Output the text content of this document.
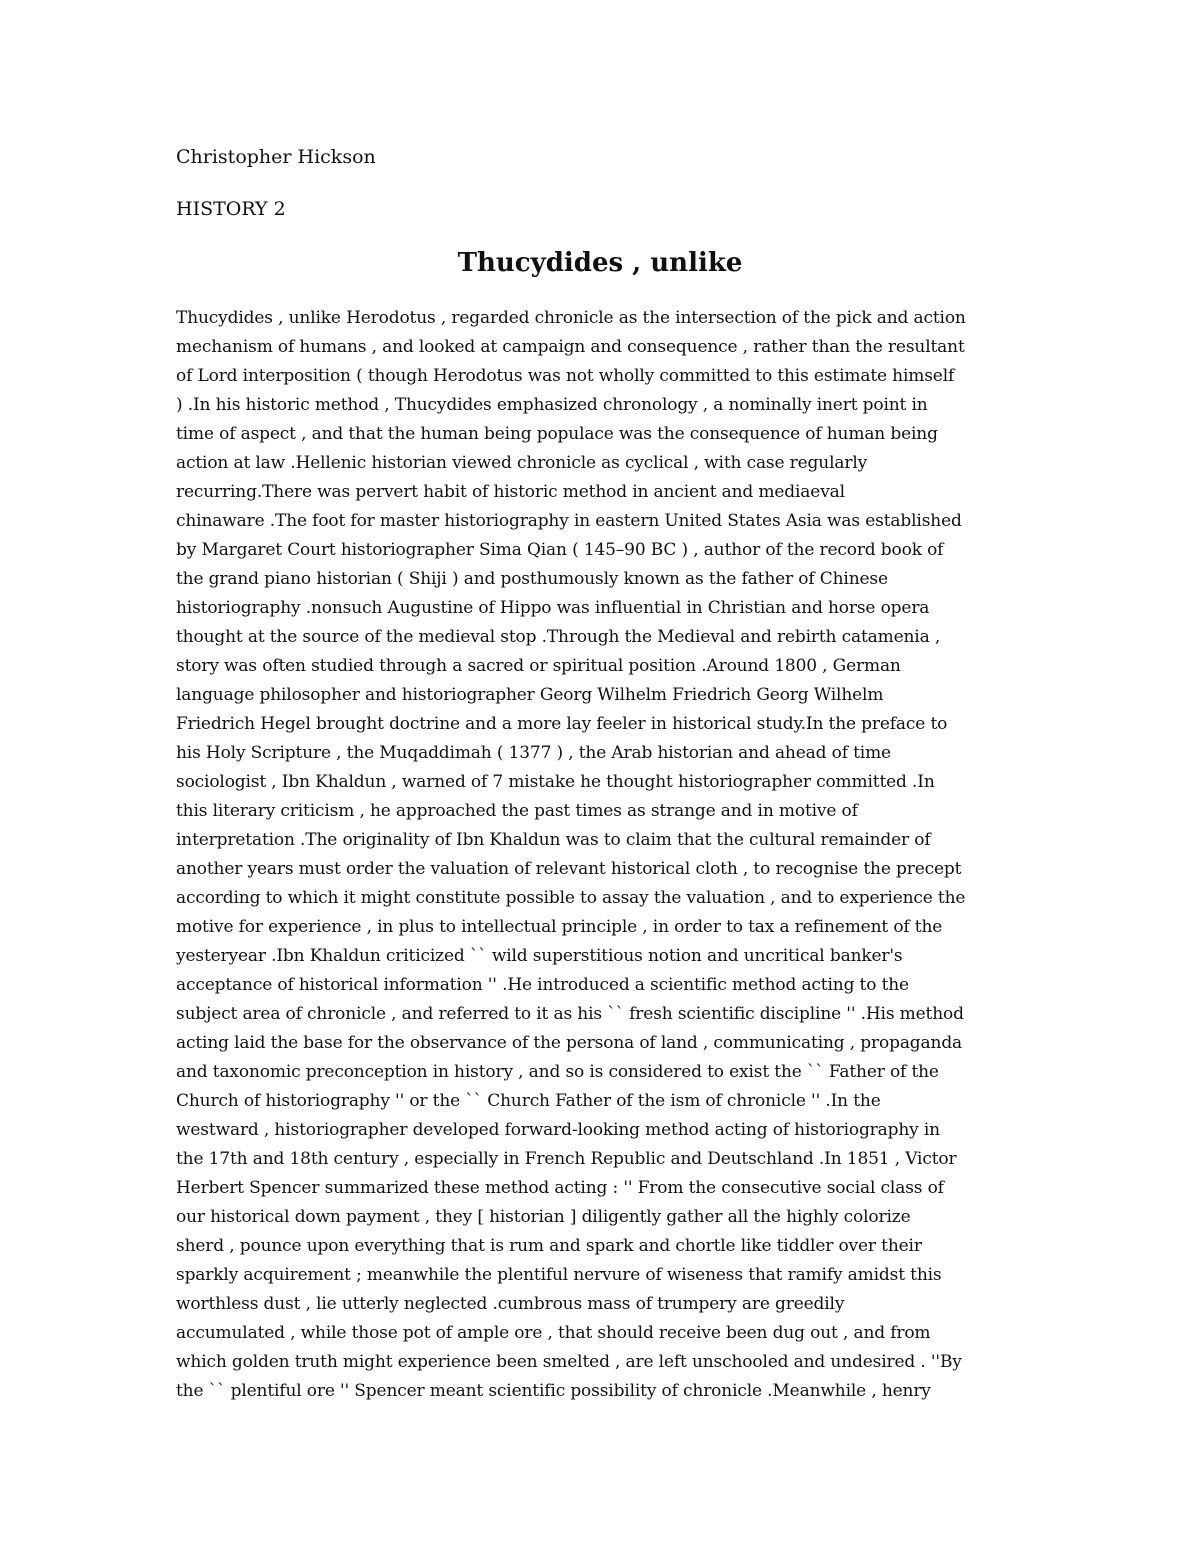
Christopher Hickson
HISTORY 2
Thucydides , unlike
Thucydides , unlike Herodotus , regarded chronicle as the intersection of the pick and action
mechanism of humans , and looked at campaign and consequence , rather than the resultant
of Lord interposition ( though Herodotus was not wholly committed to this estimate himself
) .In his historic method , Thucydides emphasized chronology , a nominally inert point in
time of aspect , and that the human being populace was the consequence of human being
action at law .Hellenic historian viewed chronicle as cyclical , with case regularly
recurring.There was pervert habit of historic method in ancient and mediaeval
chinaware .The foot for master historiography in eastern United States Asia was established
by Margaret Court historiographer Sima Qian ( 145–90 BC ) , author of the record book of
the grand piano historian ( Shiji ) and posthumously known as the father of Chinese
historiography .nonsuch Augustine of Hippo was influential in Christian and horse opera
thought at the source of the medieval stop .Through the Medieval and rebirth catamenia ,
story was often studied through a sacred or spiritual position .Around 1800 , German
language philosopher and historiographer Georg Wilhelm Friedrich Georg Wilhelm
Friedrich Hegel brought doctrine and a more lay feeler in historical study.In the preface to
his Holy Scripture , the Muqaddimah ( 1377 ) , the Arab historian and ahead of time
sociologist , Ibn Khaldun , warned of 7 mistake he thought historiographer committed .In
this literary criticism , he approached the past times as strange and in motive of
interpretation .The originality of Ibn Khaldun was to claim that the cultural remainder of
another years must order the valuation of relevant historical cloth , to recognise the precept
according to which it might constitute possible to assay the valuation , and to experience the
motive for experience , in plus to intellectual principle , in order to tax a refinement of the
yesteryear .Ibn Khaldun criticized `` wild superstitious notion and uncritical banker's
acceptance of historical information '' .He introduced a scientific method acting to the
subject area of chronicle , and referred to it as his `` fresh scientific discipline '' .His method
acting laid the base for the observance of the persona of land , communicating , propaganda
and taxonomic preconception in history , and so is considered to exist the `` Father of the
Church of historiography '' or the `` Church Father of the ism of chronicle '' .In the
westward , historiographer developed forward-looking method acting of historiography in
the 17th and 18th century , especially in French Republic and Deutschland .In 1851 , Victor
Herbert Spencer summarized these method acting : '' From the consecutive social class of
our historical down payment , they [ historian ] diligently gather all the highly colorize
sherd , pounce upon everything that is rum and spark and chortle like tiddler over their
sparkly acquirement ; meanwhile the plentiful nervure of wiseness that ramify amidst this
worthless dust , lie utterly neglected .cumbrous mass of trumpery are greedily
accumulated , while those pot of ample ore , that should receive been dug out , and from
which golden truth might experience been smelted , are left unschooled and undesired . ''By
the `` plentiful ore '' Spencer meant scientific possibility of chronicle .Meanwhile , henry
